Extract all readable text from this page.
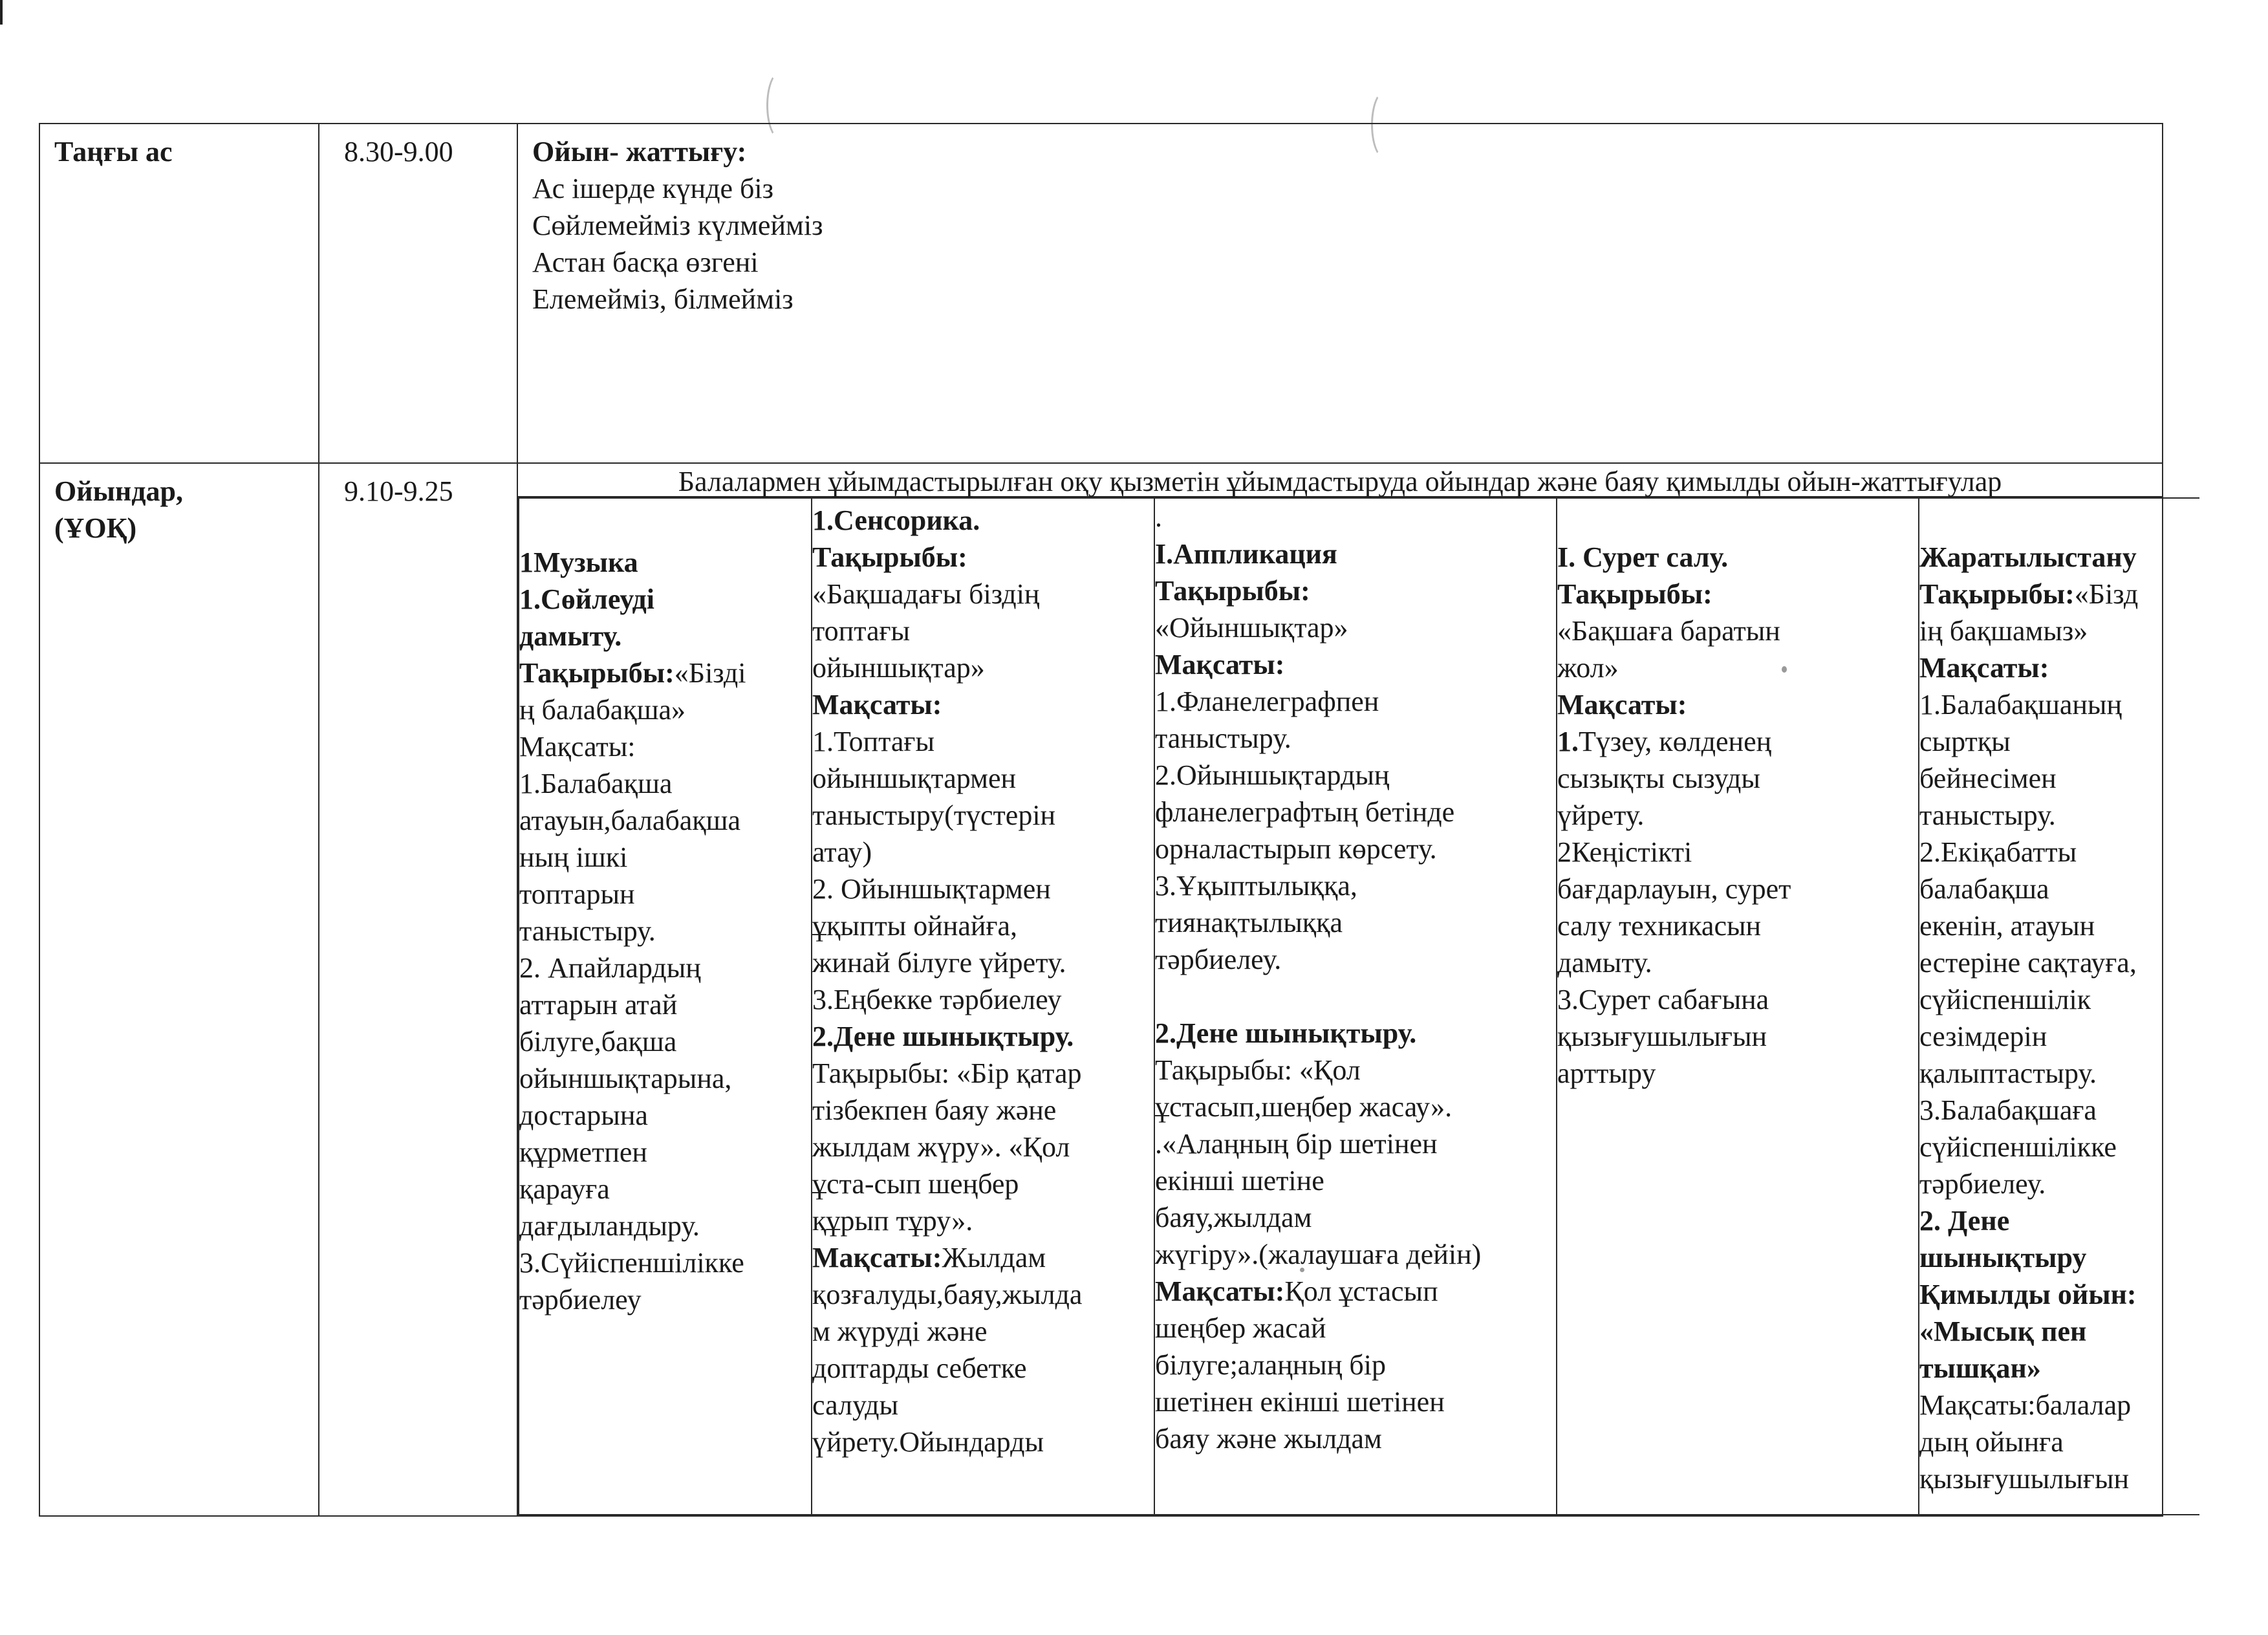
Таңғы ас	8.30-9.00	Ойын- жаттығу:
Ас ішерде күнде біз
Сөйлемейміз күлмейміз
Астан басқа өзгені
Елемейміз, білмейміз

Ойындар,
(ҰОҚ)
	9.10-9.25	Балалармен ұйымдастырылған оқу қызметін ұйымдастыруда ойындар және баяу қимылды ойын-жаттығулар

1Музыка
1.Сөйлеуді
дамыту.
Тақырыбы:«Бізді
ң балабақша»
Мақсаты:
1.Балабақша
атауын,балабақша
ның ішкі
топтарын
таныстыру.
2. Апайлардың
аттарын атай
білуге,бақша
ойыншықтарына,
достарына
құрметпен
қарауға
дағдыландыру.
3.Сүйіспеншілікке
тәрбиелеу

1.Сенсорика.
Тақырыбы:
«Бақшадағы біздің
топтағы
ойыншықтар»
Мақсаты:
1.Топтағы
ойыншықтармен
таныстыру(түстерін
атау)
2. Ойыншықтармен
ұқыпты ойнайға,
жинай білуге үйрету.
3.Еңбекке тәрбиелеу
2.Дене шынықтыру.
Тақырыбы: «Бір қатар
тізбекпен баяу және
жылдам жүру». «Қол
ұста-сып шеңбер
құрып тұру».
Мақсаты:Жылдам
қозғалуды,баяу,жылда
м жүруді және
доптарды себетке
салуды
үйрету.Ойындарды

.
І.Аппликация
Тақырыбы:
«Ойыншықтар»
Мақсаты:
1.Фланелеграфпен
таныстыру.
2.Ойыншықтардың
фланелеграфтың бетінде
орналастырып көрсету.
3.Ұқыптылыққа,
тиянақтылыққа
тәрбиелеу.

2.Дене шынықтыру.
Тақырыбы: «Қол
ұстасып,шеңбер жасау».
.«Алаңның бір шетінен
екінші шетіне
баяу,жылдам
жүгіру».(жалаушаға дейін)
Мақсаты:Қол ұстасып
шеңбер жасай
білуге;алаңның бір
шетінен екінші шетінен
баяу және жылдам

І. Сурет салу.
Тақырыбы:
«Бақшаға баратын
жол»
Мақсаты:
1.Түзеу, көлденең
сызықты сызуды
үйрету.
2Кеңістікті
бағдарлауын, сурет
салу техникасын
дамыту.
3.Сурет сабағына
қызығушылығын
арттыру

Жаратылыстану
Тақырыбы:«Бізд
ің бақшамыз»
Мақсаты:
1.Балабақшаның
сыртқы
бейнесімен
таныстыру.
2.Екіқабатты
балабақша
екенін, атауын
естеріне сақтауға,
сүйіспеншілік
сезімдерін
қалыптастыру.
3.Балабақшаға
сүйіспеншілікке
тәрбиелеу.
2. Дене
шынықтыру
Қимылды ойын:
«Мысық пен
тышқан»
Мақсаты:балалар
дың ойынға
қызығушылығын
